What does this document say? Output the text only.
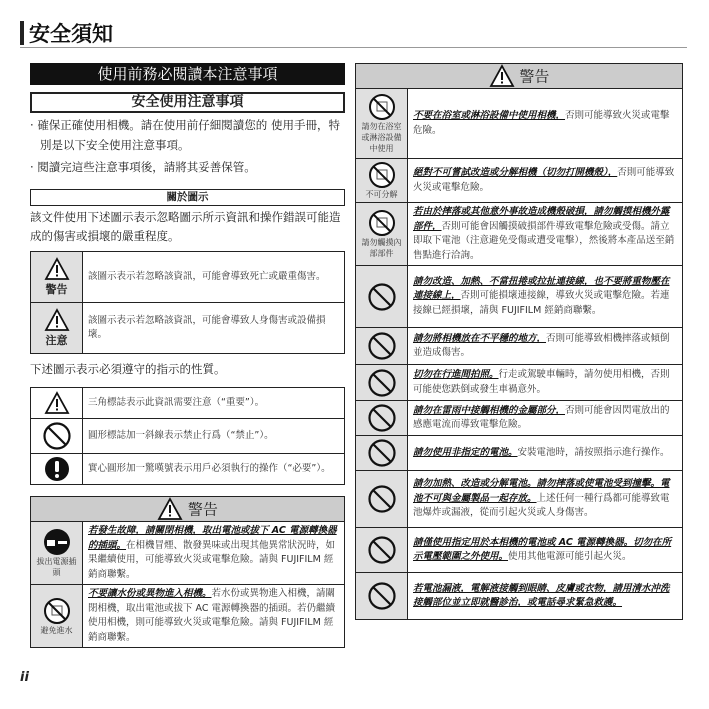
安全須知
使用前務必閱讀本注意事項
安全使用注意事項
· 確保正確使用相機。請在使用前仔細閱讀您的 使用手冊，特別是以下安全使用注意事項。
· 閱讀完這些注意事項後，請將其妥善保管。
關於圖示
該文件使用下述圖示表示忽略圖示所示資訊和操作錯誤可能造成的傷害或損壞的嚴重程度。
警告	該圖示表示若忽略該資訊，可能會導致死亡或嚴重傷害。

注意	該圖示表示若忽略該資訊，可能會導致人身傷害或設備損壞。
下述圖示表示必須遵守的指示的性質。
	三角標誌表示此資訊需要注意（“重要”）。
	圓形標誌加一斜線表示禁止行爲（“禁止”）。
	實心圓形加一驚嘆號表示用戶必須執行的操作（“必要”）。
警告	

拔出電源插頭	若發生故障，請關閉相機，取出電池或拔下 AC 電源轉換器的插頭。在相機冒煙、散發異味或出現其他異常狀況時，如果繼續使用，可能導致火災或電擊危險。請與 FUJIFILM 經銷商聯繫。

避免進水	不要讓水份或異物進入相機。若水份或異物進入相機，請關閉相機，取出電池或拔下 AC 電源轉換器的插頭。若仍繼續使用相機，則可能導致火災或電擊危險。請與 FUJIFILM 經銷商聯繫。
警告	

請勿在浴室或淋浴設備中使用	不要在浴室或淋浴設備中使用相機，否則可能導致火災或電擊危險。

不可分解	絕對不可嘗試改造或分解相機（切勿打開機殼），否則可能導致火災或電擊危險。

請勿觸摸內部部件	若由於摔落或其他意外事故造成機殼破損，請勿觸摸相機外露部件，否則可能會因觸摸破損部件導致電擊危險或受傷。請立即取下電池（注意避免受傷或遭受電擊），然後將本產品送至銷售點進行洽詢。

	請勿改造、加熱、不當扭捲或拉扯連接線，也不要將重物壓在連接線上，否則可能損壞連接線，導致火災或電擊危險。若連接線已經損壞，請與 FUJIFILM 經銷商聯繫。

	請勿將相機放在不平穩的地方，否則可能導致相機摔落或傾倒並造成傷害。

	切勿在行進間拍照。行走或駕駛車輛時，請勿使用相機，否則可能使您跌倒或發生車禍意外。

	請勿在雷雨中接觸相機的金屬部分，否則可能會因閃電放出的感應電流而導致電擊危險。

	請勿使用非指定的電池。安裝電池時，請按照指示進行操作。

	請勿加熱、改造或分解電池。請勿摔落或使電池受到撞擊。電池不可與金屬製品一起存放。上述任何一種行爲都可能導致電池爆炸或漏液，從而引起火災或人身傷害。

	請僅使用指定用於本相機的電池或 AC 電源轉換器。切勿在所示電壓範圍之外使用。使用其他電源可能引起火災。

	若電池漏液，電解液接觸到眼睛、皮膚或衣物，請用清水沖洗接觸部位並立即就醫診治，或電話尋求緊急救護。
ii
